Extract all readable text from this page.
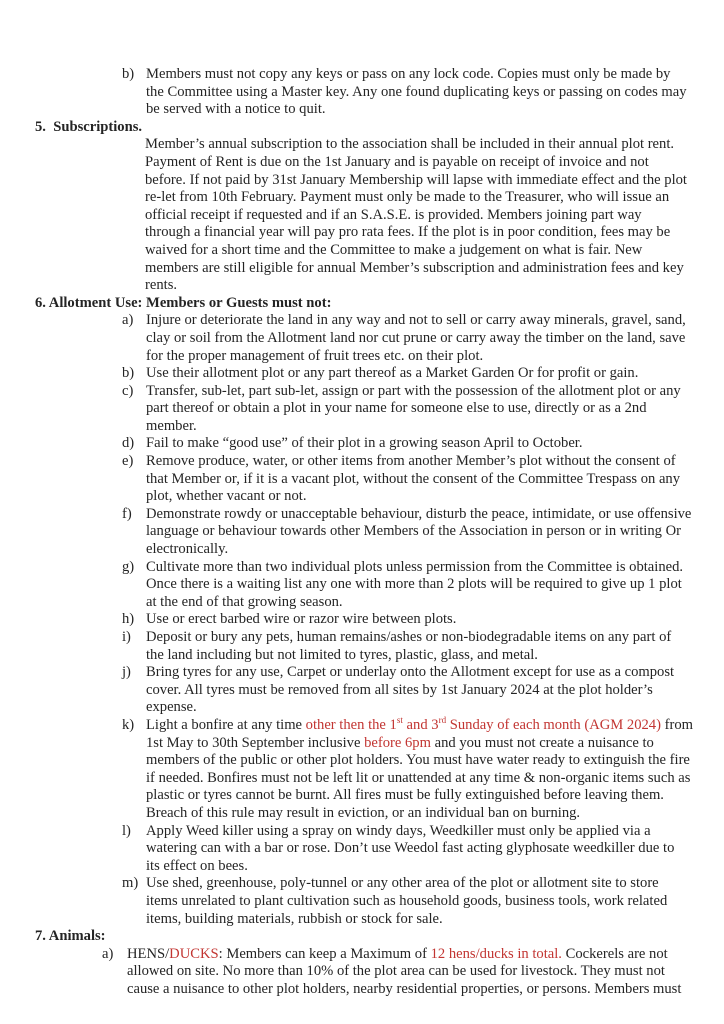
b) Members must not copy any keys or pass on any lock code. Copies must only be made by
the Committee using a Master key. Any one found duplicating keys or passing on codes may
be served with a notice to quit.
5.  Subscriptions.
Member’s annual subscription to the association shall be included in their annual plot rent.
Payment of Rent is due on the 1st January and is payable on receipt of invoice and not
before. If not paid by 31st January Membership will lapse with immediate effect and the plot
re-let from 10th February. Payment must only be made to the Treasurer, who will issue an
official receipt if requested and if an S.A.S.E. is provided. Members joining part way
through a financial year will pay pro rata fees. If the plot is in poor condition, fees may be
waived for a short time and the Committee to make a judgement on what is fair. New
members are still eligible for annual Member’s subscription and administration fees and key
rents.
6. Allotment Use: Members or Guests must not:
a) Injure or deteriorate the land in any way and not to sell or carry away minerals, gravel, sand,
clay or soil from the Allotment land nor cut prune or carry away the timber on the land, save
for the proper management of fruit trees etc. on their plot.
b) Use their allotment plot or any part thereof as a Market Garden Or for profit or gain.
c) Transfer, sub-let, part sub-let, assign or part with the possession of the allotment plot or any
part thereof or obtain a plot in your name for someone else to use, directly or as a 2nd
member.
d) Fail to make “good use” of their plot in a growing season April to October.
e) Remove produce, water, or other items from another Member’s plot without the consent of
that Member or, if it is a vacant plot, without the consent of the Committee Trespass on any
plot, whether vacant or not.
f) Demonstrate rowdy or unacceptable behaviour, disturb the peace, intimidate, or use offensive
language or behaviour towards other Members of the Association in person or in writing Or
electronically.
g) Cultivate more than two individual plots unless permission from the Committee is obtained.
Once there is a waiting list any one with more than 2 plots will be required to give up 1 plot
at the end of that growing season.
h) Use or erect barbed wire or razor wire between plots.
i)	Deposit or bury any pets, human remains/ashes or non-biodegradable items on any part of
the land including but not limited to tyres, plastic, glass, and metal.
j)	Bring tyres for any use, Carpet or underlay onto the Allotment except for use as a compost
cover. All tyres must be removed from all sites by 1st January 2024 at the plot holder’s
expense.
k) Light a bonfire at any time other then the 1st and 3rd Sunday of each month (AGM 2024) from
1st May to 30th September inclusive before 6pm and you must not create a nuisance to
members of the public or other plot holders. You must have water ready to extinguish the fire
if needed. Bonfires must not be left lit or unattended at any time & non-organic items such as
plastic or tyres cannot be burnt. All fires must be fully extinguished before leaving them.
Breach of this rule may result in eviction, or an individual ban on burning.
l)	Apply Weed killer using a spray on windy days, Weedkiller must only be applied via a
watering can with a bar or rose. Don’t use Weedol fast acting glyphosate weedkiller due to
its effect on bees.
m) Use shed, greenhouse, poly-tunnel or any other area of the plot or allotment site to store
items unrelated to plant cultivation such as household goods, business tools, work related
items, building materials, rubbish or stock for sale.
7. Animals:
a) HENS/DUCKS: Members can keep a Maximum of 12 hens/ducks in total. Cockerels are not
allowed on site. No more than 10% of the plot area can be used for livestock. They must not
cause a nuisance to other plot holders, nearby residential properties, or persons. Members must
